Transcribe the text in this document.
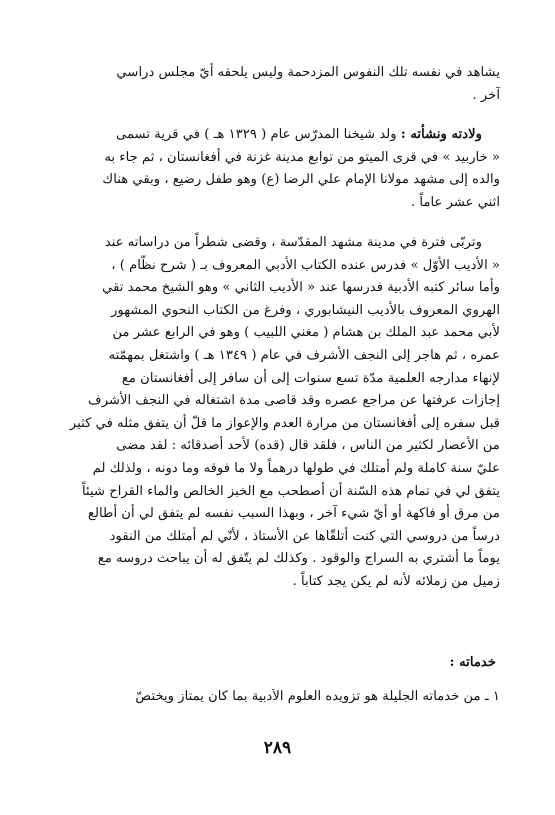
يشاهد في نفسه تلك النفوس المزدحمة وليس يلحقه أيّ مجلس دراسي
آخر .

ولادته ونشأته : ولد شيخنا المدرّس عام ( ١٣٢٩ هـ ) في قرية تسمى
« خاربيد » في قرى الميتو من توابع مدينة غزنة في أفغانستان ، ثم جاء به
والده إلى مشهد مولانا الإمام علي الرضا (ع) وهو طفل رضيع ، وبقي هناك
اثني عشر عاماً .

وتربّى فترة في مدينة مشهد المقدّسة ، وقضى شطراً من دراساته عند
« الأديب الأوّل » فدرس عنده الكتاب الأدبي المعروف بـ ( شرح نظّام ) ،
وأما سائر كتبه الأدبية فدرسها عند « الأديب الثاني » وهو الشيخ محمد تقي
الهروي المعروف بالأديب النيشابوري ، وفرغ من الكتاب النحوي المشهور
لأبي محمد عبد الملك بن هشام ( مغني اللبيب ) وهو في الرابع عشر من
عمره ، ثم هاجر إلى النجف الأشرف في عام ( ١٣٤٩ هـ ) واشتغل بمهمّته
لإنهاء مدارجه العلمية مدّة تسع سنوات إلى أن سافر إلى أفغانستان مع
إجازات عرفتها عن مراجع عصره وقد قاصى مدة اشتغاله في النجف الأشرف
قبل سفره إلى أفغانستان من مرارة العدم والإعواز ما قلّ أن يتفق مثله في كثير
من الأعصار لكثير من الناس ، فلقد قال (قده) لأحد أصدقائه : لقد مضى
عليّ سنة كاملة ولم أمتلك في طولها درهماً ولا ما فوقه وما دونه ، ولذلك لم
يتفق لي في تمام هذه السّنة أن أصطحب مع الخبز الخالص والماء القراح شيئاً
من مرق أو فاكهة أو أيّ شيء آخر ، وبهذا السبب نفسه لم يتفق لي أن أطالع
درساً من دروسي التي كنت أتلقّاها عن الأستاذ ، لأنّي لم أمتلك من النقود
يوماً ما أشتري به السراج والوقود . وكذلك لم يتّفق له أن يباحث دروسه مع
زميل من زملائه لأنه لم يكن يجد كتاباً .

خدماته :

١ ـ من خدماته الجليلة هو تزويده العلوم الأدبية بما كان يمتاز ويختصّ

٢٨٩
